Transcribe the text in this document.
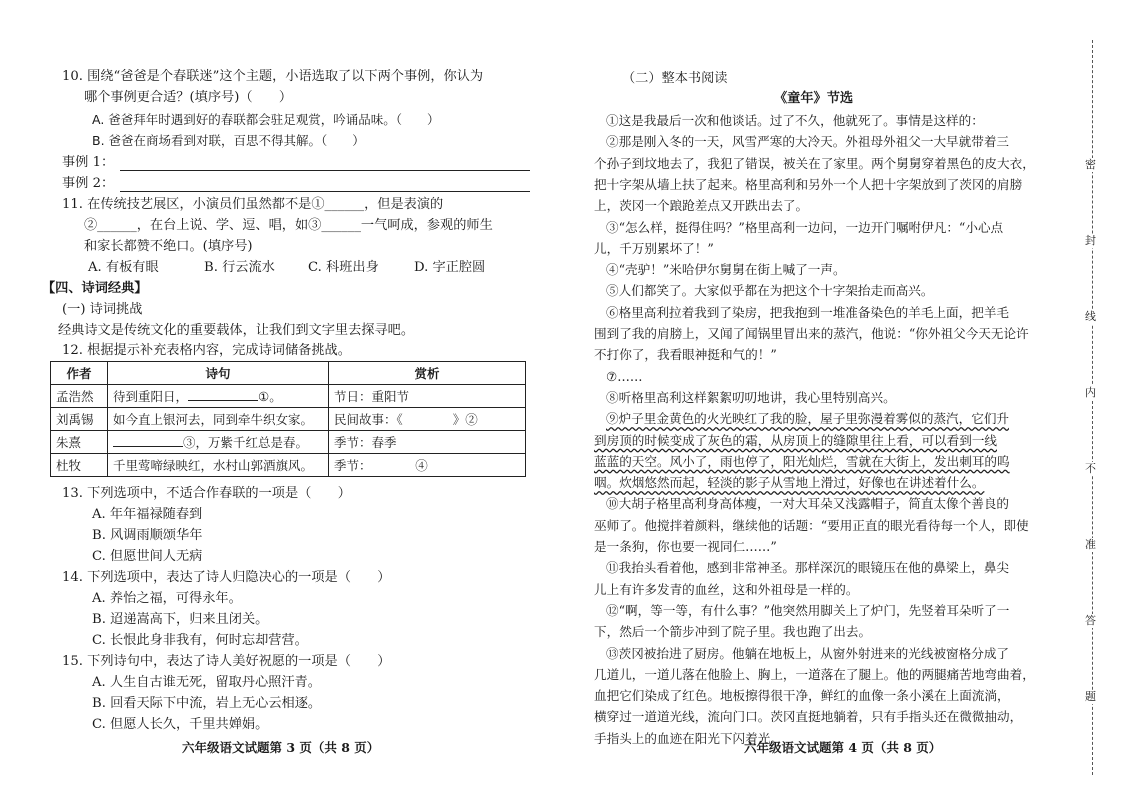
10. 围绕“爸爸是个春联迷”这个主题，小语选取了以下两个事例，你认为
哪个事例更合适？(填序号)（　　）
A. 爸爸拜年时遇到好的春联都会驻足观赏，吟诵品味。（　　）
B. 爸爸在商场看到对联，百思不得其解。（　　）
事例 1：
事例 2：
11. 在传统技艺展区，小演员们虽然都不是①______，但是表演的
②______，在台上说、学、逗、唱，如③______一气呵成，参观的师生
和家长都赞不绝口。(填序号)
A. 有板有眼	B. 行云流水	C. 科班出身	D. 字正腔圆
【四、诗词经典】
(一) 诗词挑战
经典诗文是传统文化的重要载体，让我们到文字里去探寻吧。
12. 根据提示补充表格内容，完成诗词储备挑战。
作者	诗句	赏析
孟浩然	待到重阳日， ①。	节日：重阳节
刘禹锡	如今直上银河去，同到牵牛织女家。	民间故事：《　　　　》②
朱熹	③，万紫千红总是春。	季节：春季
杜牧	千里莺啼绿映红，水村山郭酒旗风。	季节：　　　　④
13. 下列选项中，不适合作春联的一项是（　　）
A. 年年福禄随春到
B. 风调雨顺颂华年
C. 但愿世间人无病
14. 下列选项中，表达了诗人归隐决心的一项是（　　）
A. 养怡之福，可得永年。
B. 迢递嵩高下，归来且闭关。
C. 长恨此身非我有，何时忘却营营。
15. 下列诗句中，表达了诗人美好祝愿的一项是（　　）
A. 人生自古谁无死，留取丹心照汗青。
B. 回看天际下中流，岩上无心云相逐。
C. 但愿人长久，千里共婵娟。
六年级语文试题第 3 页（共 8 页）
（二）整本书阅读
《童年》节选
①这是我最后一次和他谈话。过了不久，他就死了。事情是这样的：
②那是刚入冬的一天，风雪严寒的大冷天。外祖母外祖父一大早就带着三
个孙子到坟地去了，我犯了错误，被关在了家里。两个舅舅穿着黑色的皮大衣，
把十字架从墙上扶了起来。格里高利和另外一个人把十字架放到了茨冈的肩膀
上，茨冈一个踉跄差点又开跌出去了。
③“怎么样，挺得住吗？”格里高利一边问，一边开门嘱咐伊凡：“小心点
儿，千万别累坏了！”
④“壳驴！”米哈伊尔舅舅在街上喊了一声。
⑤人们都笑了。大家似乎都在为把这个十字架抬走而高兴。
⑥格里高利拉着我到了染房，把我抱到一堆准备染色的羊毛上面，把羊毛
围到了我的肩膀上，又闻了闻锅里冒出来的蒸汽，他说：“你外祖父今天无论许
不打你了，我看眼神挺和气的！”
⑦……
⑧听格里高利这样絮絮叨叨地讲，我心里特别高兴。
⑨炉子里金黄色的火光映红了我的脸，屋子里弥漫着雾似的蒸汽，它们升
到房顶的时候变成了灰色的霜，从房顶上的缝隙里往上看，可以看到一线
蓝蓝的天空。风小了，雨也停了，阳光灿烂，雪就在大街上，发出刺耳的呜
咽。炊烟悠然而起，轻淡的影子从雪地上滑过，好像也在讲述着什么。
⑩大胡子格里高利身高体瘦，一对大耳朵又浅露帽子，简直太像个善良的
巫师了。他搅拌着颜料，继续他的话题：“要用正直的眼光看待每一个人，即使
是一条狗，你也要一视同仁……”
⑪我抬头看着他，感到非常神圣。那样深沉的眼镜压在他的鼻梁上，鼻尖
儿上有许多发青的血丝，这和外祖母是一样的。
⑫“啊，等一等，有什么事？”他突然用脚关上了炉门，先竖着耳朵听了一
下，然后一个箭步冲到了院子里。我也跑了出去。
⑬茨冈被抬进了厨房。他躺在地板上，从窗外射进来的光线被窗格分成了
几道儿，一道儿落在他脸上、胸上，一道落在了腿上。他的两腿痛苦地弯曲着，
血把它们染成了红色。地板擦得很干净，鲜红的血像一条小溪在上面流淌，
横穿过一道道光线，流向门口。茨冈直挺地躺着，只有手指头还在微微抽动，
手指头上的血迹在阳光下闪着光。
六年级语文试题第 4 页（共 8 页）
密
封
线
内
不
准
答
题
